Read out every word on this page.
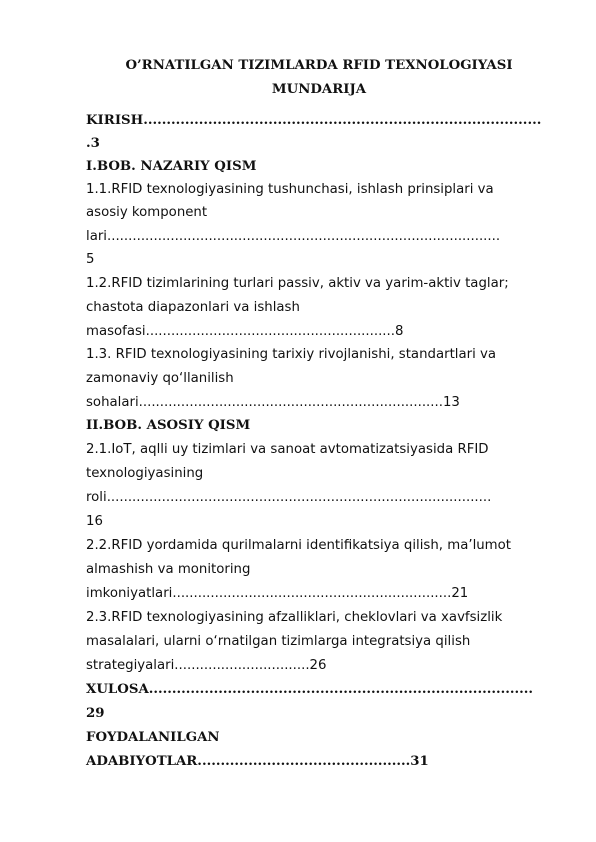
O’RNATILGAN TIZIMLARDA RFID TEXNOLOGIYASI
MUNDARIJA
KIRISH......................................................................................
.3
I.BOB. NAZARIY QISM
1.1.RFID texnologiyasining tushunchasi, ishlash prinsiplari va
asosiy komponent
lari.............................................................................................
5
1.2.RFID tizimlarining turlari passiv, aktiv va yarim-aktiv taglar;
chastota diapazonlari va ishlash
masofasi...........................................................8
1.3. RFID texnologiyasining tarixiy rivojlanishi, standartlari va
zamonaviy qo‘llanilish
sohalari........................................................................13
II.BOB. ASOSIY QISM
2.1.IoT, aqlli uy tizimlari va sanoat avtomatizatsiyasida RFID
texnologiyasining
roli...........................................................................................
16
2.2.RFID yordamida qurilmalarni identifikatsiya qilish, ma’lumot
almashish va monitoring
imkoniyatlari..................................................................21
2.3.RFID texnologiyasining afzalliklari, cheklovlari va xavfsizlik
masalalari, ularni o‘rnatilgan tizimlarga integratsiya qilish
strategiyalari................................26
XULOSA...................................................................................
29
FOYDALANILGAN
ADABIYOTLAR..............................................31
